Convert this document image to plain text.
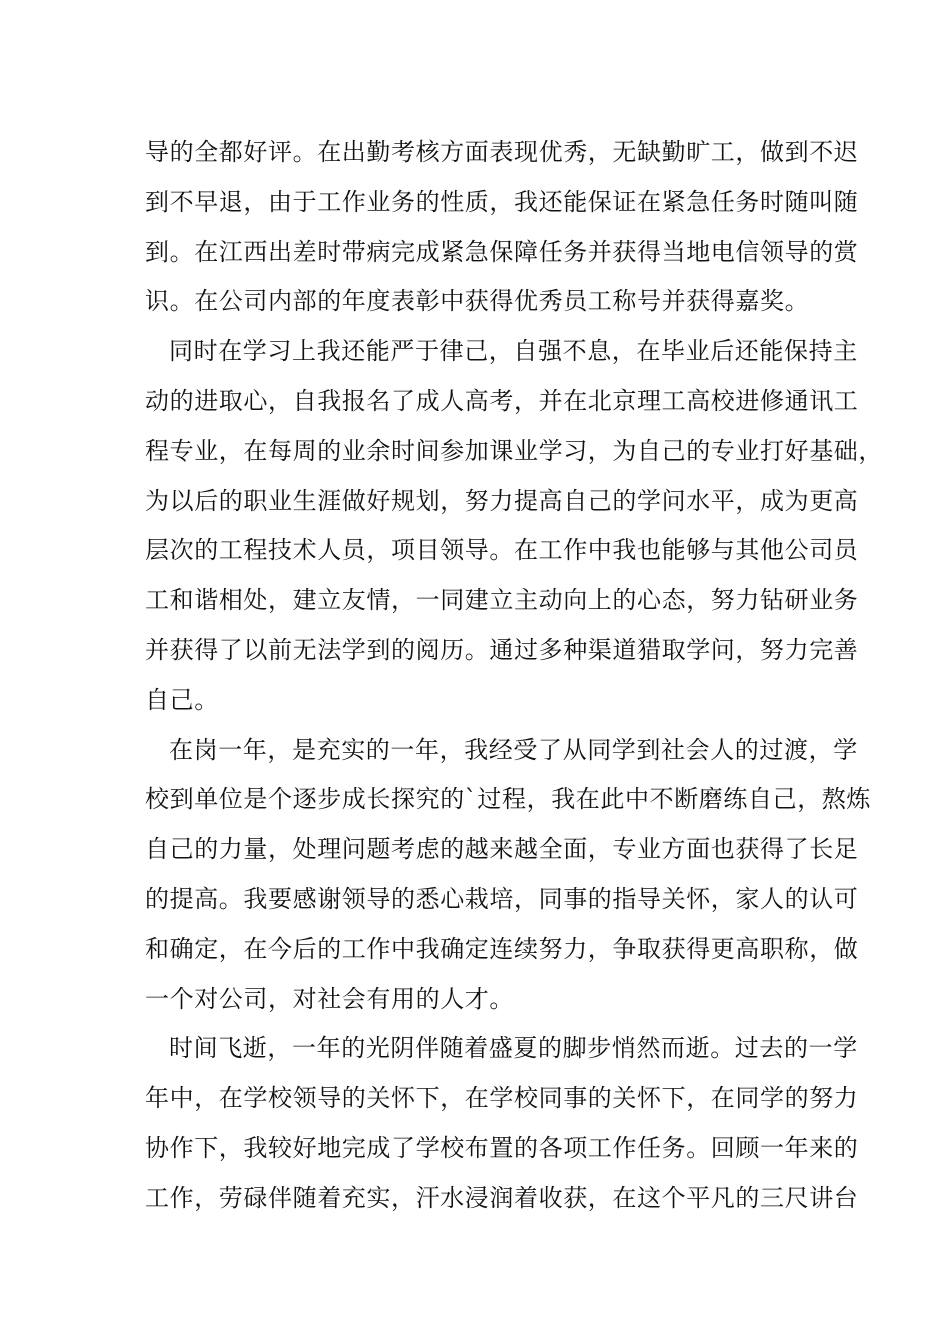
导的全都好评。在出勤考核方面表现优秀，无缺勤旷工，做到不迟
到不早退，由于工作业务的性质，我还能保证在紧急任务时随叫随
到。在江西出差时带病完成紧急保障任务并获得当地电信领导的赏
识。在公司内部的年度表彰中获得优秀员工称号并获得嘉奖。
同时在学习上我还能严于律己，自强不息，在毕业后还能保持主
动的进取心，自我报名了成人高考，并在北京理工高校进修通讯工
程专业，在每周的业余时间参加课业学习，为自己的专业打好基础，
为以后的职业生涯做好规划，努力提高自己的学问水平，成为更高
层次的工程技术人员，项目领导。在工作中我也能够与其他公司员
工和谐相处，建立友情，一同建立主动向上的心态，努力钻研业务
并获得了以前无法学到的阅历。通过多种渠道猎取学问，努力完善
自己。
在岗一年，是充实的一年，我经受了从同学到社会人的过渡，学
校到单位是个逐步成长探究的`过程，我在此中不断磨练自己，熬炼
自己的力量，处理问题考虑的越来越全面，专业方面也获得了长足
的提高。我要感谢领导的悉心栽培，同事的指导关怀，家人的认可
和确定，在今后的工作中我确定连续努力，争取获得更高职称，做
一个对公司，对社会有用的人才。
时间飞逝，一年的光阴伴随着盛夏的脚步悄然而逝。过去的一学
年中，在学校领导的关怀下，在学校同事的关怀下，在同学的努力
协作下，我较好地完成了学校布置的各项工作任务。回顾一年来的
工作，劳碌伴随着充实，汗水浸润着收获，在这个平凡的三尺讲台
